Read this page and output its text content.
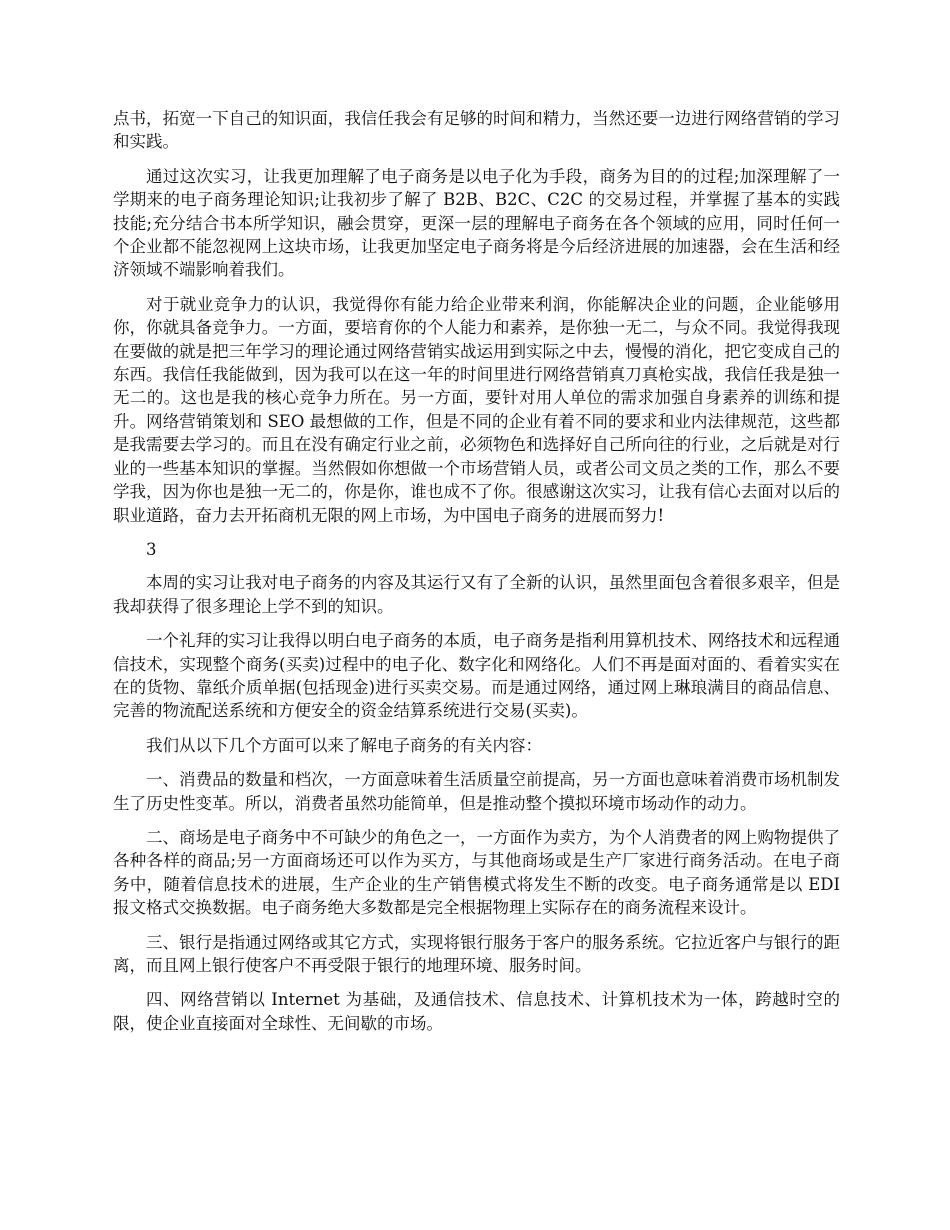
点书，拓宽一下自己的知识面，我信任我会有足够的时间和精力，当然还要一边进行网络营销的学习和实践。

通过这次实习，让我更加理解了电子商务是以电子化为手段，商务为目的的过程;加深理解了一学期来的电子商务理论知识;让我初步了解了 B2B、B2C、C2C 的交易过程，并掌握了基本的实践技能;充分结合书本所学知识，融会贯穿，更深一层的理解电子商务在各个领域的应用，同时任何一个企业都不能忽视网上这块市场，让我更加坚定电子商务将是今后经济进展的加速器，会在生活和经济领域不端影响着我们。

对于就业竞争力的认识，我觉得你有能力给企业带来利润，你能解决企业的问题，企业能够用你，你就具备竞争力。一方面，要培育你的个人能力和素养，是你独一无二，与众不同。我觉得我现在要做的就是把三年学习的理论通过网络营销实战运用到实际之中去，慢慢的消化，把它变成自己的东西。我信任我能做到，因为我可以在这一年的时间里进行网络营销真刀真枪实战，我信任我是独一无二的。这也是我的核心竞争力所在。另一方面，要针对用人单位的需求加强自身素养的训练和提升。网络营销策划和 SEO 最想做的工作，但是不同的企业有着不同的要求和业内法律规范，这些都是我需要去学习的。而且在没有确定行业之前，必须物色和选择好自己所向往的行业，之后就是对行业的一些基本知识的掌握。当然假如你想做一个市场营销人员，或者公司文员之类的工作，那么不要学我，因为你也是独一无二的，你是你，谁也成不了你。很感谢这次实习，让我有信心去面对以后的职业道路，奋力去开拓商机无限的网上市场，为中国电子商务的进展而努力!

3

本周的实习让我对电子商务的内容及其运行又有了全新的认识，虽然里面包含着很多艰辛，但是我却获得了很多理论上学不到的知识。

一个礼拜的实习让我得以明白电子商务的本质，电子商务是指利用算机技术、网络技术和远程通信技术，实现整个商务(买卖)过程中的电子化、数字化和网络化。人们不再是面对面的、看着实实在在的货物、靠纸介质单据(包括现金)进行买卖交易。而是通过网络，通过网上琳琅满目的商品信息、完善的物流配送系统和方便安全的资金结算系统进行交易(买卖)。

我们从以下几个方面可以来了解电子商务的有关内容：

一、消费品的数量和档次，一方面意味着生活质量空前提高，另一方面也意味着消费市场机制发生了历史性变革。所以，消费者虽然功能简单，但是推动整个摸拟环境市场动作的动力。

二、商场是电子商务中不可缺少的角色之一，一方面作为卖方，为个人消费者的网上购物提供了各种各样的商品;另一方面商场还可以作为买方，与其他商场或是生产厂家进行商务活动。在电子商务中，随着信息技术的进展，生产企业的生产销售模式将发生不断的改变。电子商务通常是以 EDI 报文格式交换数据。电子商务绝大多数都是完全根据物理上实际存在的商务流程来设计。

三、银行是指通过网络或其它方式，实现将银行服务于客户的服务系统。它拉近客户与银行的距离，而且网上银行使客户不再受限于银行的地理环境、服务时间。

四、网络营销以 Internet 为基础，及通信技术、信息技术、计算机技术为一体，跨越时空的限，使企业直接面对全球性、无间歇的市场。
